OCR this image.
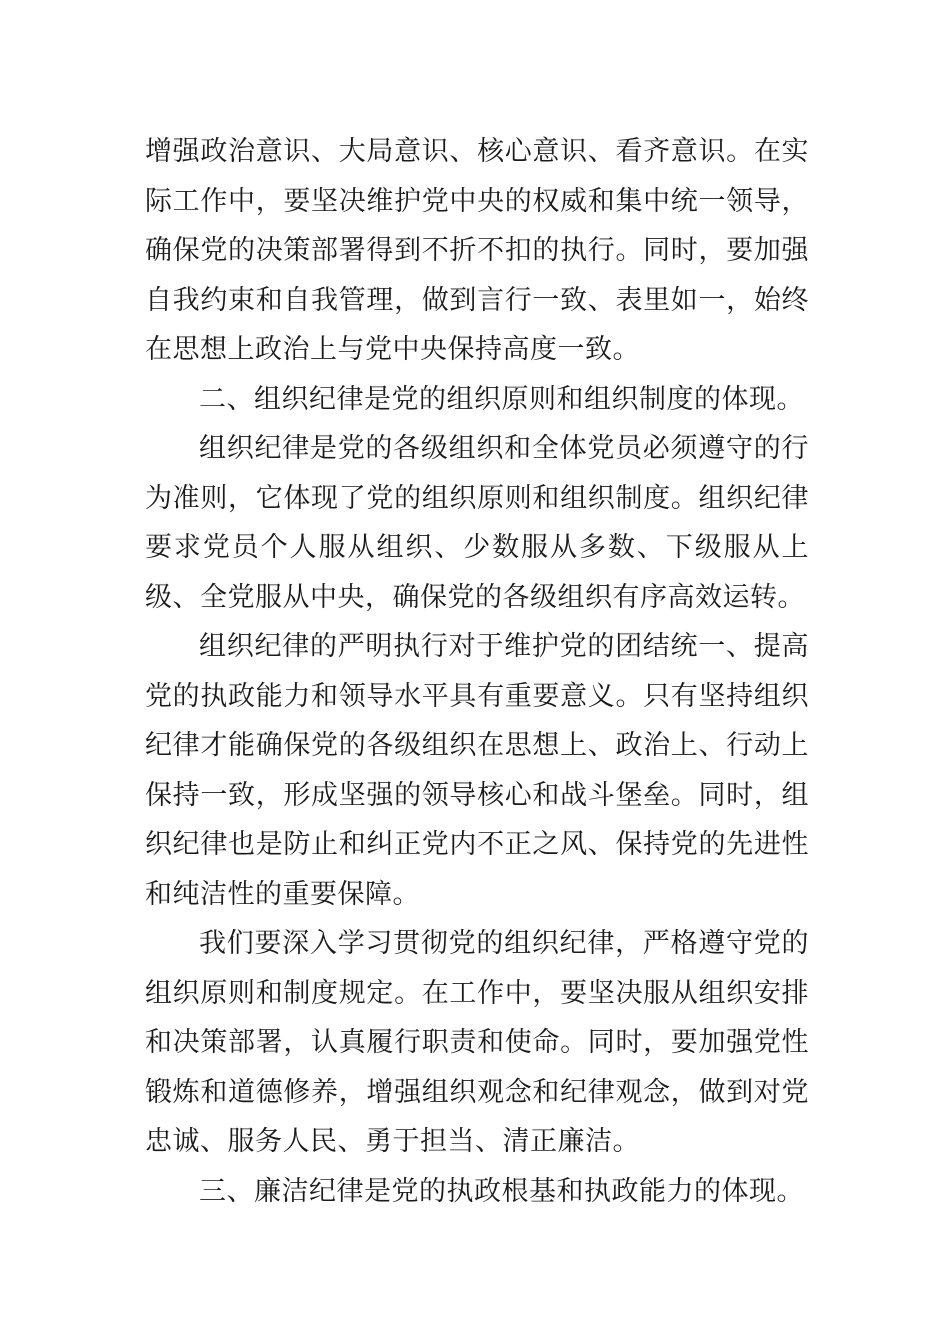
增强政治意识、大局意识、核心意识、看齐意识。在实际工作中，要坚决维护党中央的权威和集中统一领导，确保党的决策部署得到不折不扣的执行。同时，要加强自我约束和自我管理，做到言行一致、表里如一，始终在思想上政治上与党中央保持高度一致。

二、组织纪律是党的组织原则和组织制度的体现。

组织纪律是党的各级组织和全体党员必须遵守的行为准则，它体现了党的组织原则和组织制度。组织纪律要求党员个人服从组织、少数服从多数、下级服从上级、全党服从中央，确保党的各级组织有序高效运转。

组织纪律的严明执行对于维护党的团结统一、提高党的执政能力和领导水平具有重要意义。只有坚持组织纪律才能确保党的各级组织在思想上、政治上、行动上保持一致，形成坚强的领导核心和战斗堡垒。同时，组织纪律也是防止和纠正党内不正之风、保持党的先进性和纯洁性的重要保障。

我们要深入学习贯彻党的组织纪律，严格遵守党的组织原则和制度规定。在工作中，要坚决服从组织安排和决策部署，认真履行职责和使命。同时，要加强党性锻炼和道德修养，增强组织观念和纪律观念，做到对党忠诚、服务人民、勇于担当、清正廉洁。

三、廉洁纪律是党的执政根基和执政能力的体现。
